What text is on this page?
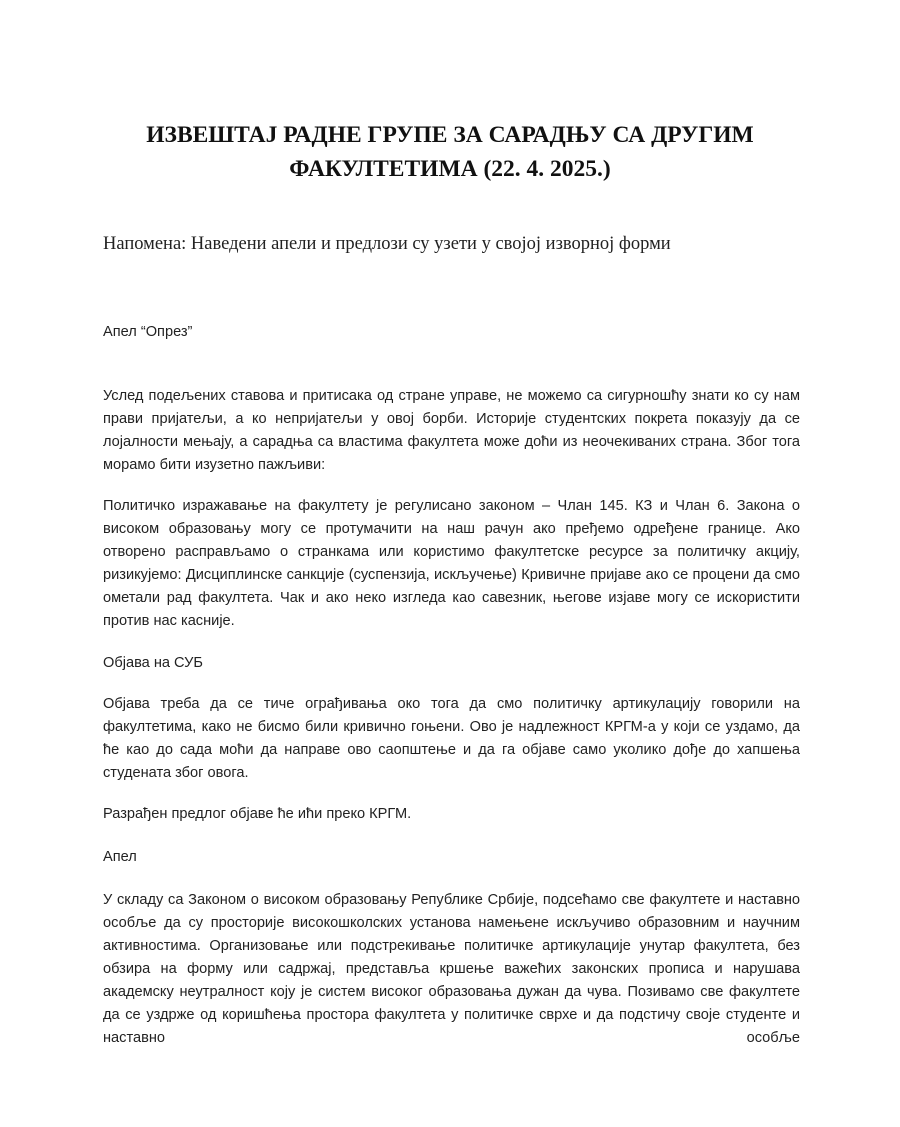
ИЗВЕШТАЈ РАДНЕ ГРУПЕ ЗА САРАДЊУ СА ДРУГИМ
ФАКУЛТЕТИМА (22. 4. 2025.)

Напомена: Наведени апели и предлози су узети у својој изворној форми

Апел “Опрез”

Услед подељених ставова и притисака од стране управе, не можемо са сигурношћу знати ко су нам прави пријатељи, а ко непријатељи у овој борби. Историје студентских покрета показују да се лојалности мењају, а сарадња са властима факултета може доћи из неочекиваних страна. Због тога морамо бити изузетно пажљиви:

Политичко изражавање на факултету је регулисано законом – Члан 145. КЗ и Члан 6. Закона о високом образовању могу се протумачити на наш рачун ако пређемо одређене границе. Ако отворено расправљамо о странкама или користимо факултетске ресурсе за политичку акцију, ризикујемо: Дисциплинске санкције (суспензија, искључење) Кривичне пријаве ако се процени да смо ометали рад факултета. Чак и ако неко изгледа као савезник, његове изјаве могу се искористити против нас касније.

Објава на СУБ

Објава треба да се тиче ограђивања око тога да смо политичку артикулацију говорили на факултетима, како не бисмо били кривично гоњени. Ово је надлежност КРГМ-а у који се уздамо, да ће као до сада моћи да направе ово саопштење и да га објаве само уколико дође до хапшења студената због овога.

Разрађен предлог објаве ће ићи преко КРГМ.

Апел

У складу са Законом о високом образовању Републике Србије, подсећамо све факултете и наставно особље да су просторије високошколских установа намењене искључиво образовним и научним активностима. Организовање или подстрекивање политичке артикулације унутар факултета, без обзира на форму или садржај, представља кршење важећих законских прописа и нарушава академску неутралност коју је систем високог образовања дужан да чува. Позивамо све факултете да се уздрже од коришћења простора факултета у политичке сврхе и да подстичу своје студенте и наставно особље
